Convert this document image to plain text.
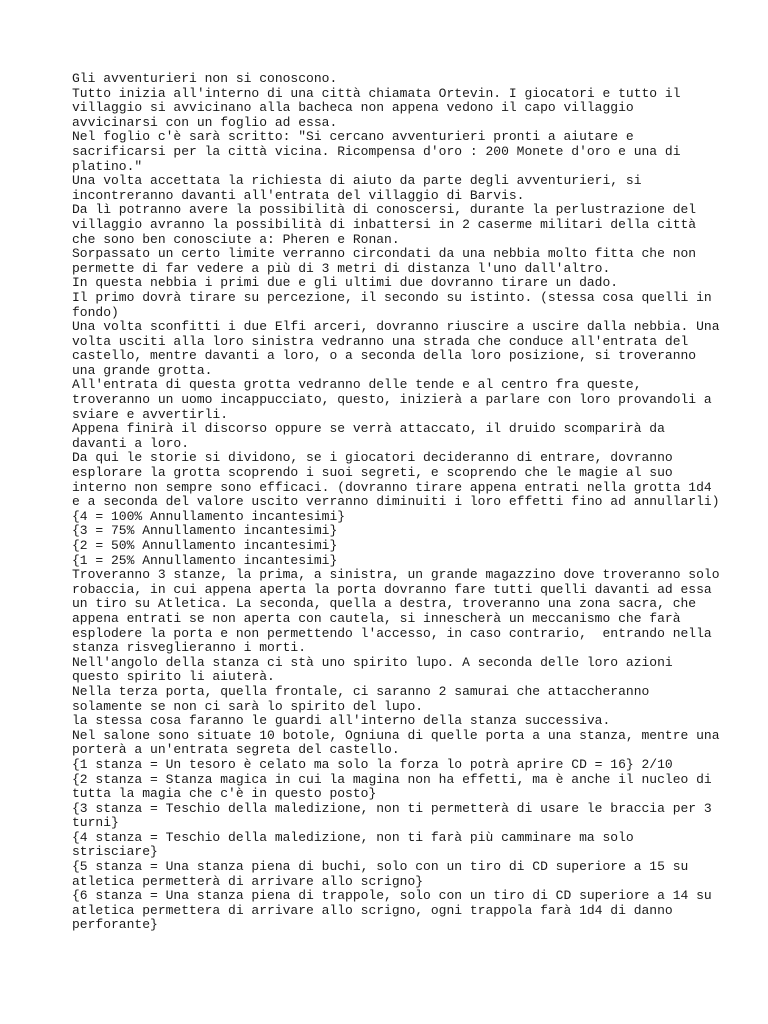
Gli avventurieri non si conoscono.

Tutto inizia all'interno di una città chiamata Ortevin. I giocatori e tutto il

villaggio si avvicinano alla bacheca non appena vedono il capo villaggio

avvicinarsi con un foglio ad essa.

Nel foglio c'è sarà scritto: "Si cercano avventurieri pronti a aiutare e

sacrificarsi per la città vicina. Ricompensa d'oro : 200 Monete d'oro e una di

platino."

Una volta accettata la richiesta di aiuto da parte degli avventurieri, si

incontreranno davanti all'entrata del villaggio di Barvis.

Da lì potranno avere la possibilità di conoscersi, durante la perlustrazione del

villaggio avranno la possibilità di inbattersi in 2 caserme militari della città

che sono ben conosciute a: Pheren e Ronan.

Sorpassato un certo limite verranno circondati da una nebbia molto fitta che non

permette di far vedere a più di 3 metri di distanza l'uno dall'altro.

In questa nebbia i primi due e gli ultimi due dovranno tirare un dado.

Il primo dovrà tirare su percezione, il secondo su istinto. (stessa cosa quelli in

fondo)

Una volta sconfitti i due Elfi arceri, dovranno riuscire a uscire dalla nebbia. Una

volta usciti alla loro sinistra vedranno una strada che conduce all'entrata del

castello, mentre davanti a loro, o a seconda della loro posizione, si troveranno

una grande grotta.

All'entrata di questa grotta vedranno delle tende e al centro fra queste,

troveranno un uomo incappucciato, questo, inizierà a parlare con loro provandoli a

sviare e avvertirli.

Appena finirà il discorso oppure se verrà attaccato, il druido scomparirà da

davanti a loro.

Da qui le storie si dividono, se i giocatori decideranno di entrare, dovranno

esplorare la grotta scoprendo i suoi segreti, e scoprendo che le magie al suo

interno non sempre sono efficaci. (dovranno tirare appena entrati nella grotta 1d4

e a seconda del valore uscito verranno diminuiti i loro effetti fino ad annullarli)

{4 = 100% Annullamento incantesimi}

{3 = 75% Annullamento incantesimi}

{2 = 50% Annullamento incantesimi}

{1 = 25% Annullamento incantesimi}

Troveranno 3 stanze, la prima, a sinistra, un grande magazzino dove troveranno solo

robaccia, in cui appena aperta la porta dovranno fare tutti quelli davanti ad essa

un tiro su Atletica. La seconda, quella a destra, troveranno una zona sacra, che

appena entrati se non aperta con cautela, si innescherà un meccanismo che farà

esplodere la porta e non permettendo l'accesso, in caso contrario,  entrando nella

stanza risveglieranno i morti.

Nell'angolo della stanza ci stà uno spirito lupo. A seconda delle loro azioni

questo spirito li aiuterà.

Nella terza porta, quella frontale, ci saranno 2 samurai che attaccheranno

solamente se non ci sarà lo spirito del lupo.

la stessa cosa faranno le guardi all'interno della stanza successiva.

Nel salone sono situate 10 botole, Ogniuna di quelle porta a una stanza, mentre una

porterà a un'entrata segreta del castello.

{1 stanza = Un tesoro è celato ma solo la forza lo potrà aprire CD = 16} 2/10

{2 stanza = Stanza magica in cui la magina non ha effetti, ma è anche il nucleo di

tutta la magia che c'è in questo posto}

{3 stanza = Teschio della maledizione, non ti permetterà di usare le braccia per 3

turni}

{4 stanza = Teschio della maledizione, non ti farà più camminare ma solo

strisciare}

{5 stanza = Una stanza piena di buchi, solo con un tiro di CD superiore a 15 su

atletica permetterà di arrivare allo scrigno}

{6 stanza = Una stanza piena di trappole, solo con un tiro di CD superiore a 14 su

atletica permettera di arrivare allo scrigno, ogni trappola farà 1d4 di danno

perforante}
